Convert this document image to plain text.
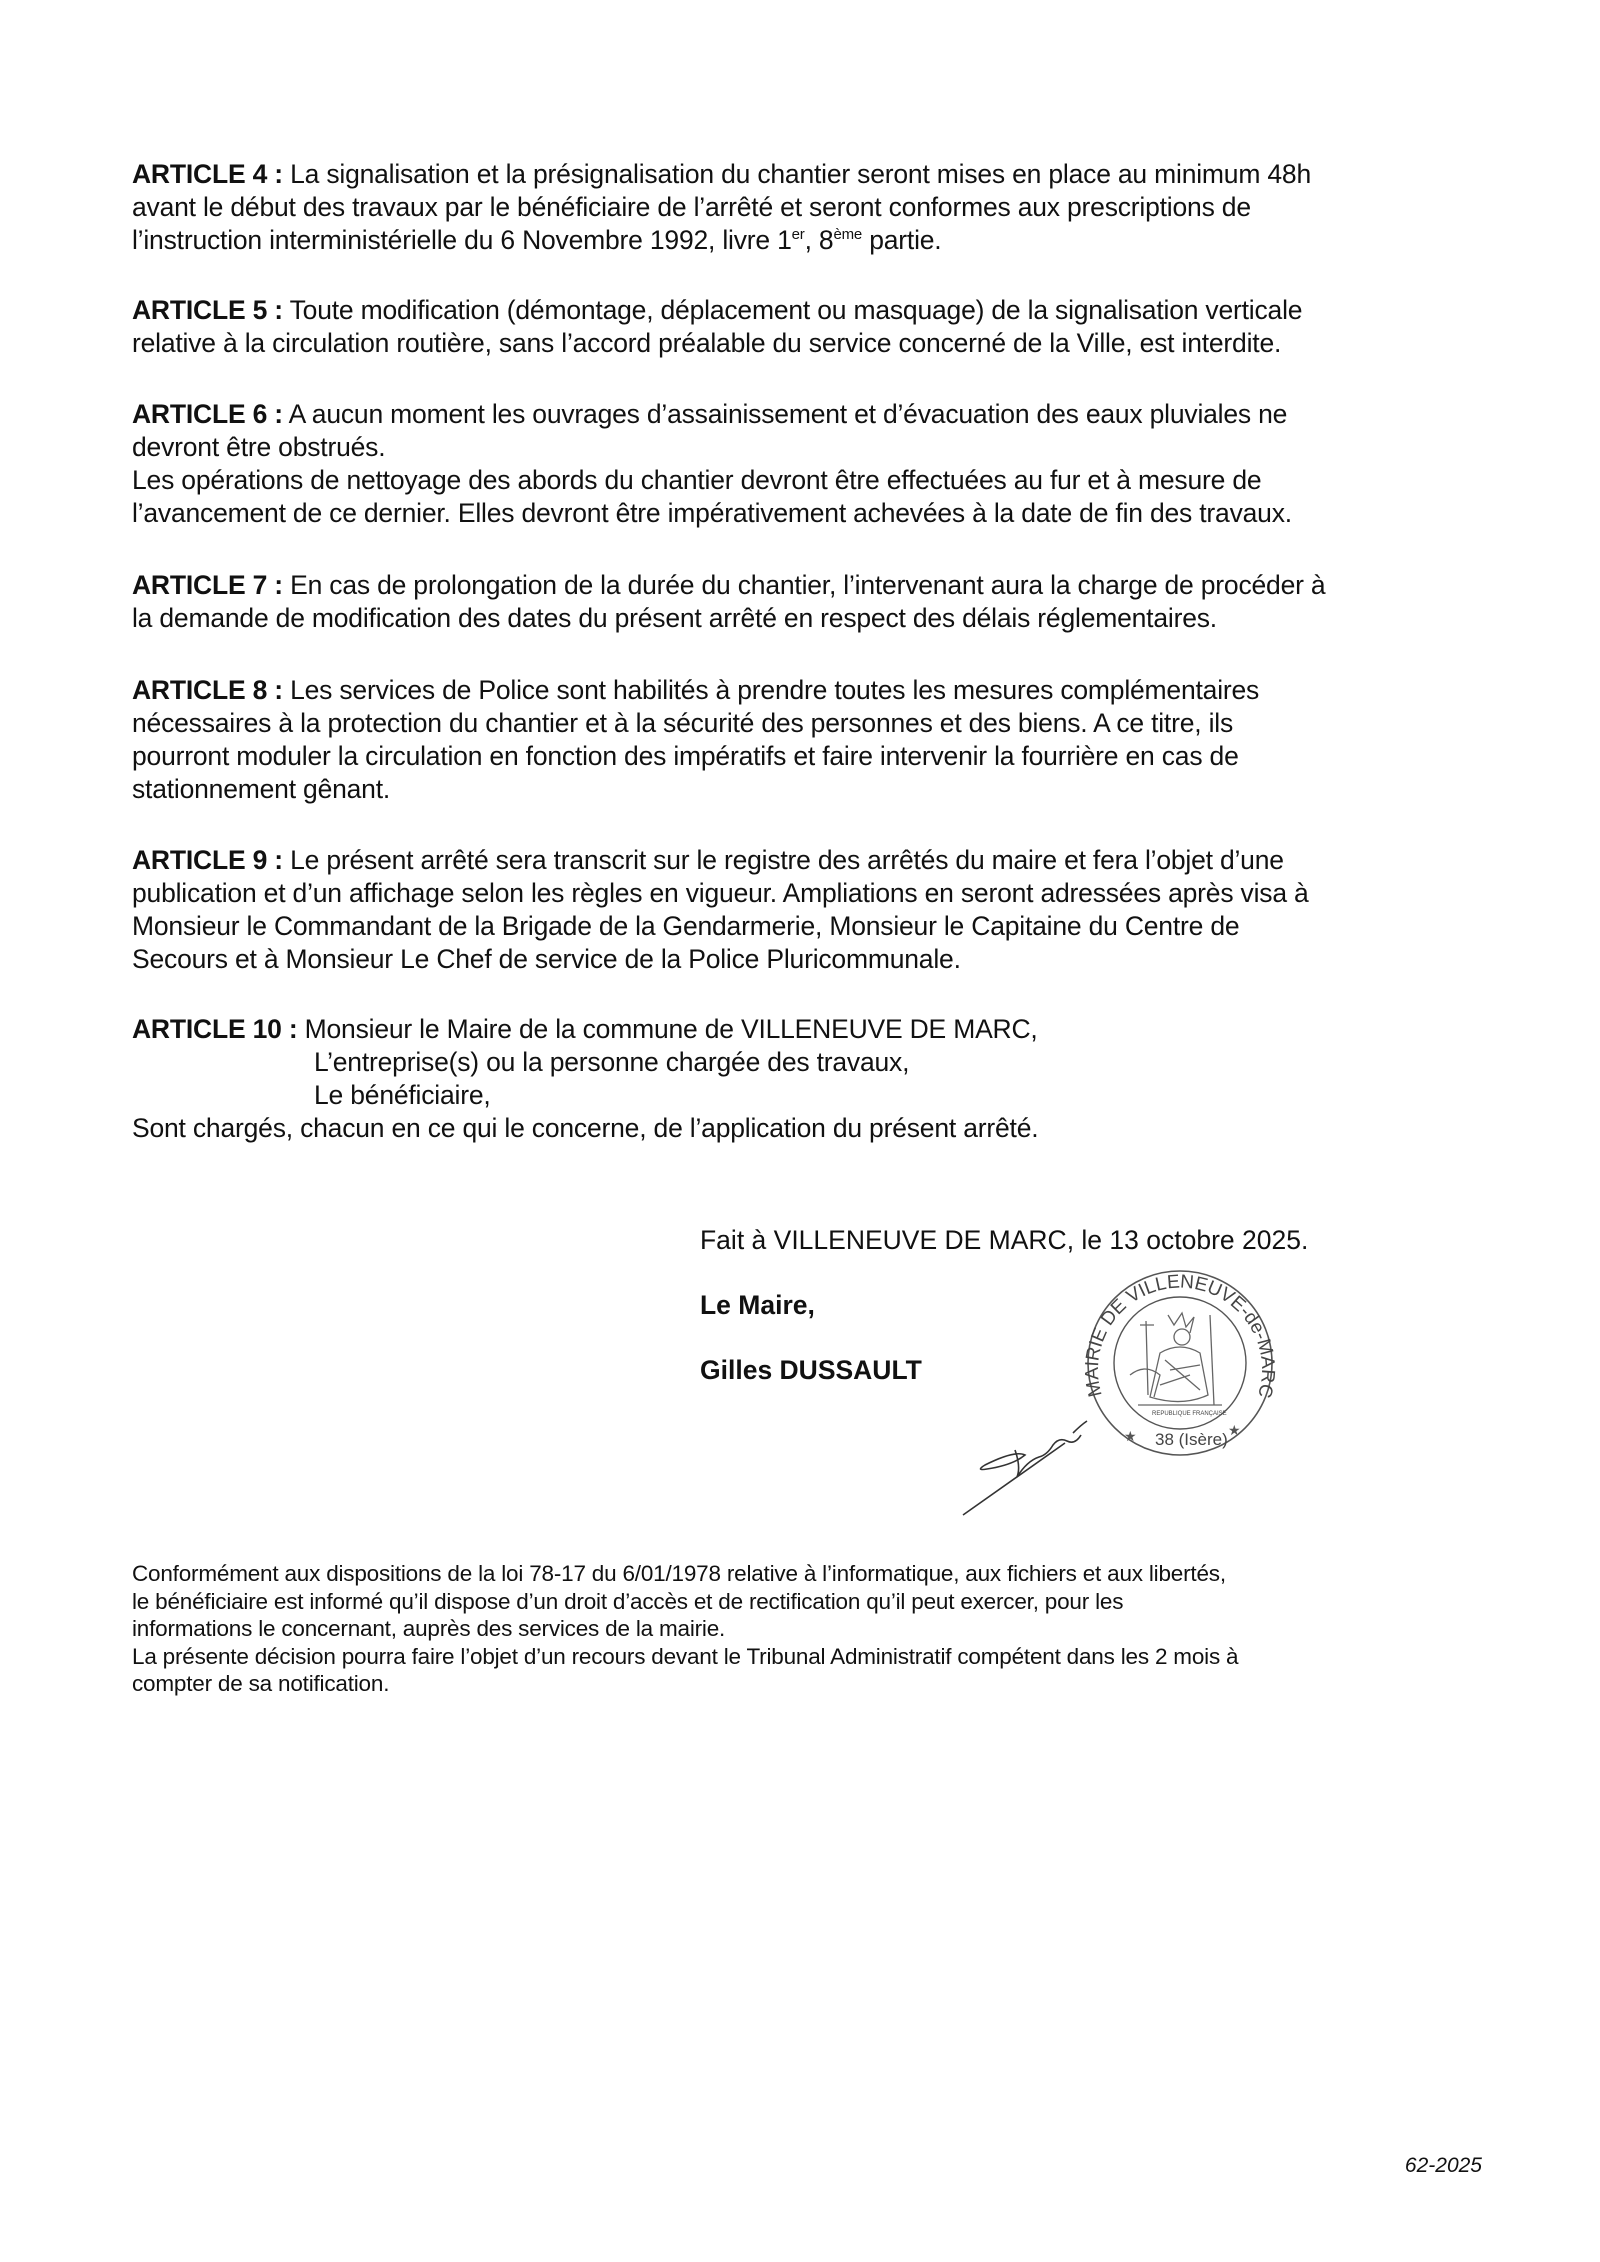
ARTICLE 4 : La signalisation et la présignalisation du chantier seront mises en place au minimum 48h
avant le début des travaux par le bénéficiaire de l’arrêté et seront conformes aux prescriptions de
l’instruction interministérielle du 6 Novembre 1992, livre 1er, 8ème partie.
ARTICLE 5 : Toute modification (démontage, déplacement ou masquage) de la signalisation verticale
relative à la circulation routière, sans l’accord préalable du service concerné de la Ville, est interdite.
ARTICLE 6 : A aucun moment les ouvrages d’assainissement et d’évacuation des eaux pluviales ne
devront être obstrués.
Les opérations de nettoyage des abords du chantier devront être effectuées au fur et à mesure de
l’avancement de ce dernier. Elles devront être impérativement achevées à la date de fin des travaux.
ARTICLE 7 : En cas de prolongation de la durée du chantier, l’intervenant aura la charge de procéder à
la demande de modification des dates du présent arrêté en respect des délais réglementaires.
ARTICLE 8 : Les services de Police sont habilités à prendre toutes les mesures complémentaires
nécessaires à la protection du chantier et à la sécurité des personnes et des biens. A ce titre, ils
pourront moduler la circulation en fonction des impératifs et faire intervenir la fourrière en cas de
stationnement gênant.
ARTICLE 9 : Le présent arrêté sera transcrit sur le registre des arrêtés du maire et fera l’objet d’une
publication et d’un affichage selon les règles en vigueur. Ampliations en seront adressées après visa à
Monsieur le Commandant de la Brigade de la Gendarmerie, Monsieur le Capitaine du Centre de
Secours et à Monsieur Le Chef de service de la Police Pluricommunale.
ARTICLE 10 : Monsieur le Maire de la commune de VILLENEUVE DE MARC,
L’entreprise(s) ou la personne chargée des travaux,
Le bénéficiaire,
Sont chargés, chacun en ce qui le concerne, de l’application du présent arrêté.
Fait à VILLENEUVE DE MARC, le 13 octobre 2025.
Le Maire,
Gilles DUSSAULT
MAIRIE DE VILLENEUVE-de-MARC
38 (Isère)
★	★
REPUBLIQUE FRANÇAISE
Conformément aux dispositions de la loi 78-17 du 6/01/1978 relative à l’informatique, aux fichiers et aux libertés,
le bénéficiaire est informé qu’il dispose d’un droit d’accès et de rectification qu’il peut exercer, pour les
informations le concernant, auprès des services de la mairie.
La présente décision pourra faire l’objet d’un recours devant le Tribunal Administratif compétent dans les 2 mois à
compter de sa notification.
62-2025
